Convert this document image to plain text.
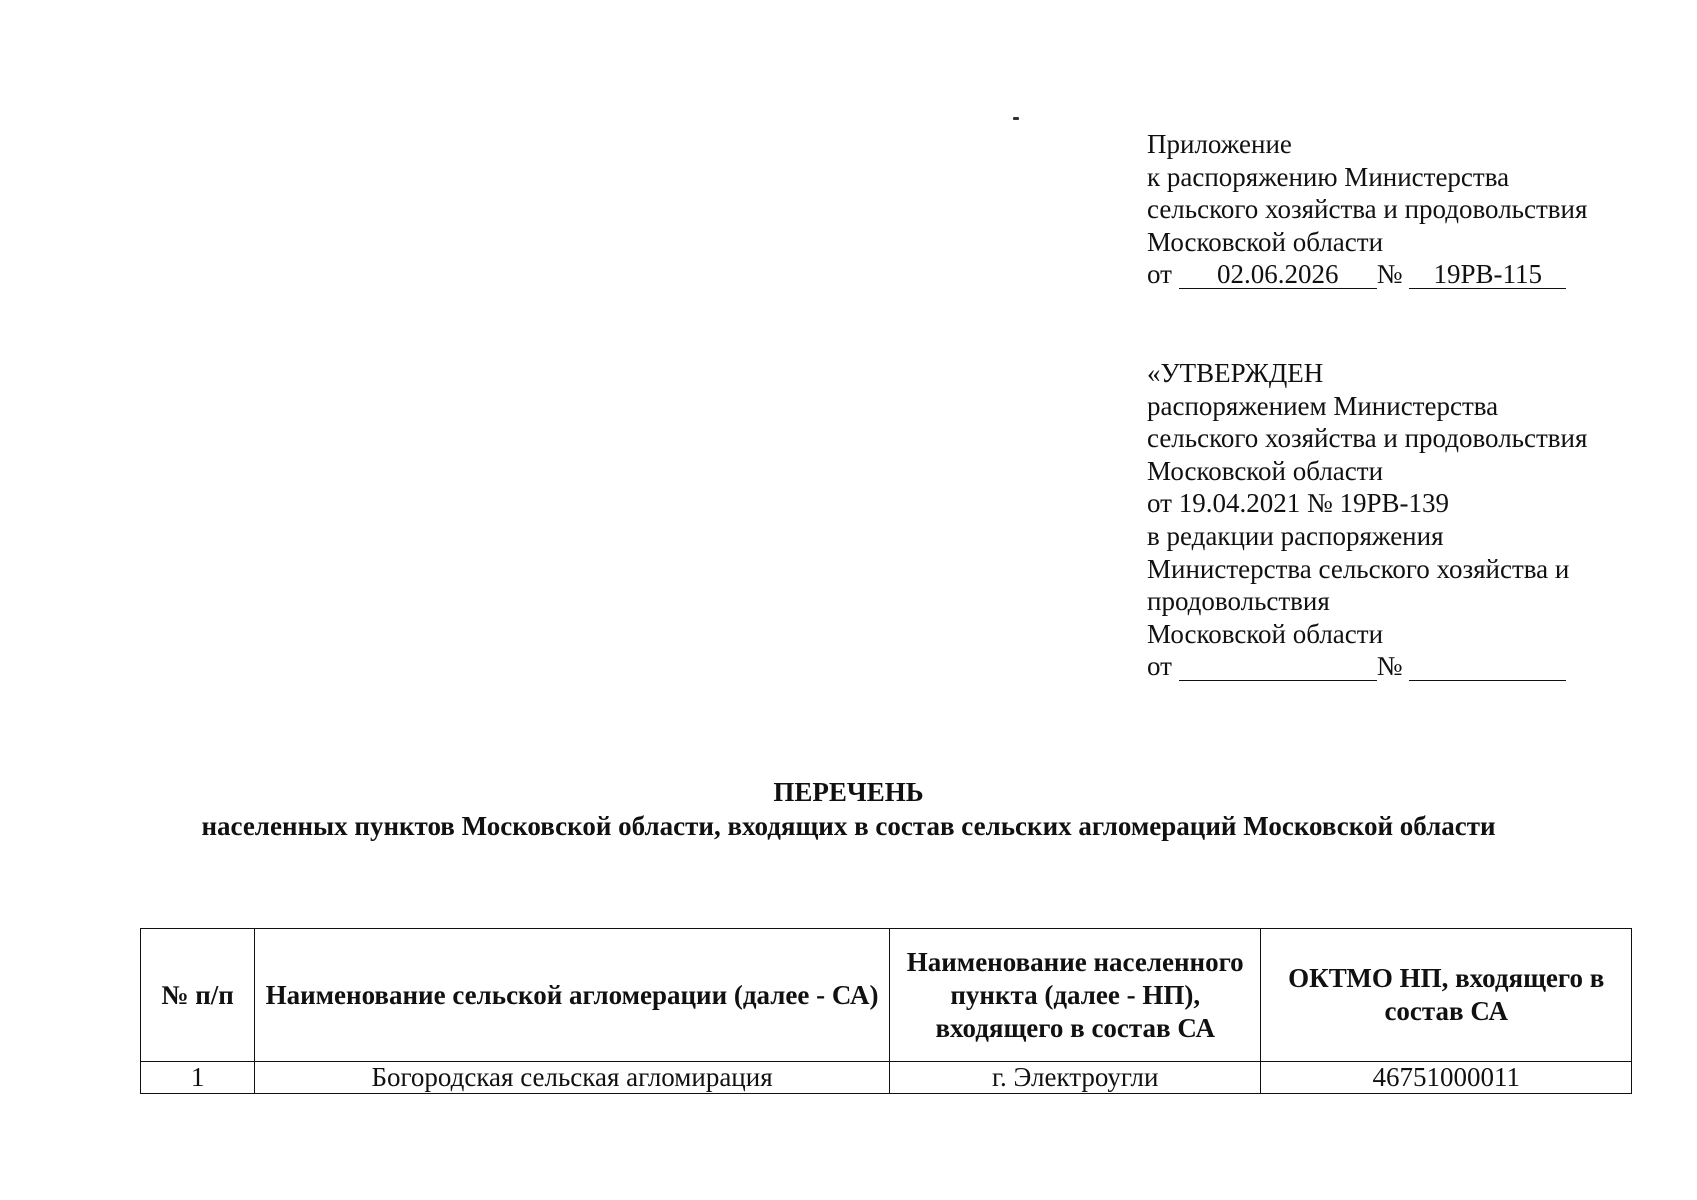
Приложение
к распоряжению Министерства
сельского хозяйства и продовольствия
Московской области
от 02.06.2026 № 19РВ-115
«УТВЕРЖДЕН
распоряжением Министерства
сельского хозяйства и продовольствия
Московской области
от 19.04.2021 № 19РВ-139
в редакции распоряжения
Министерства сельского хозяйства и
продовольствия
Московской области
от	№
ПЕРЕЧЕНЬ
населенных пунктов Московской области, входящих в состав сельских агломераций Московской области
№ п/п	Наименование сельской агломерации (далее - СА)	Наименование населенного пункта (далее - НП), входящего в состав СА	ОКТМО НП, входящего в состав СА
1	Богородская сельская агломирация	г. Электроугли	46751000011
